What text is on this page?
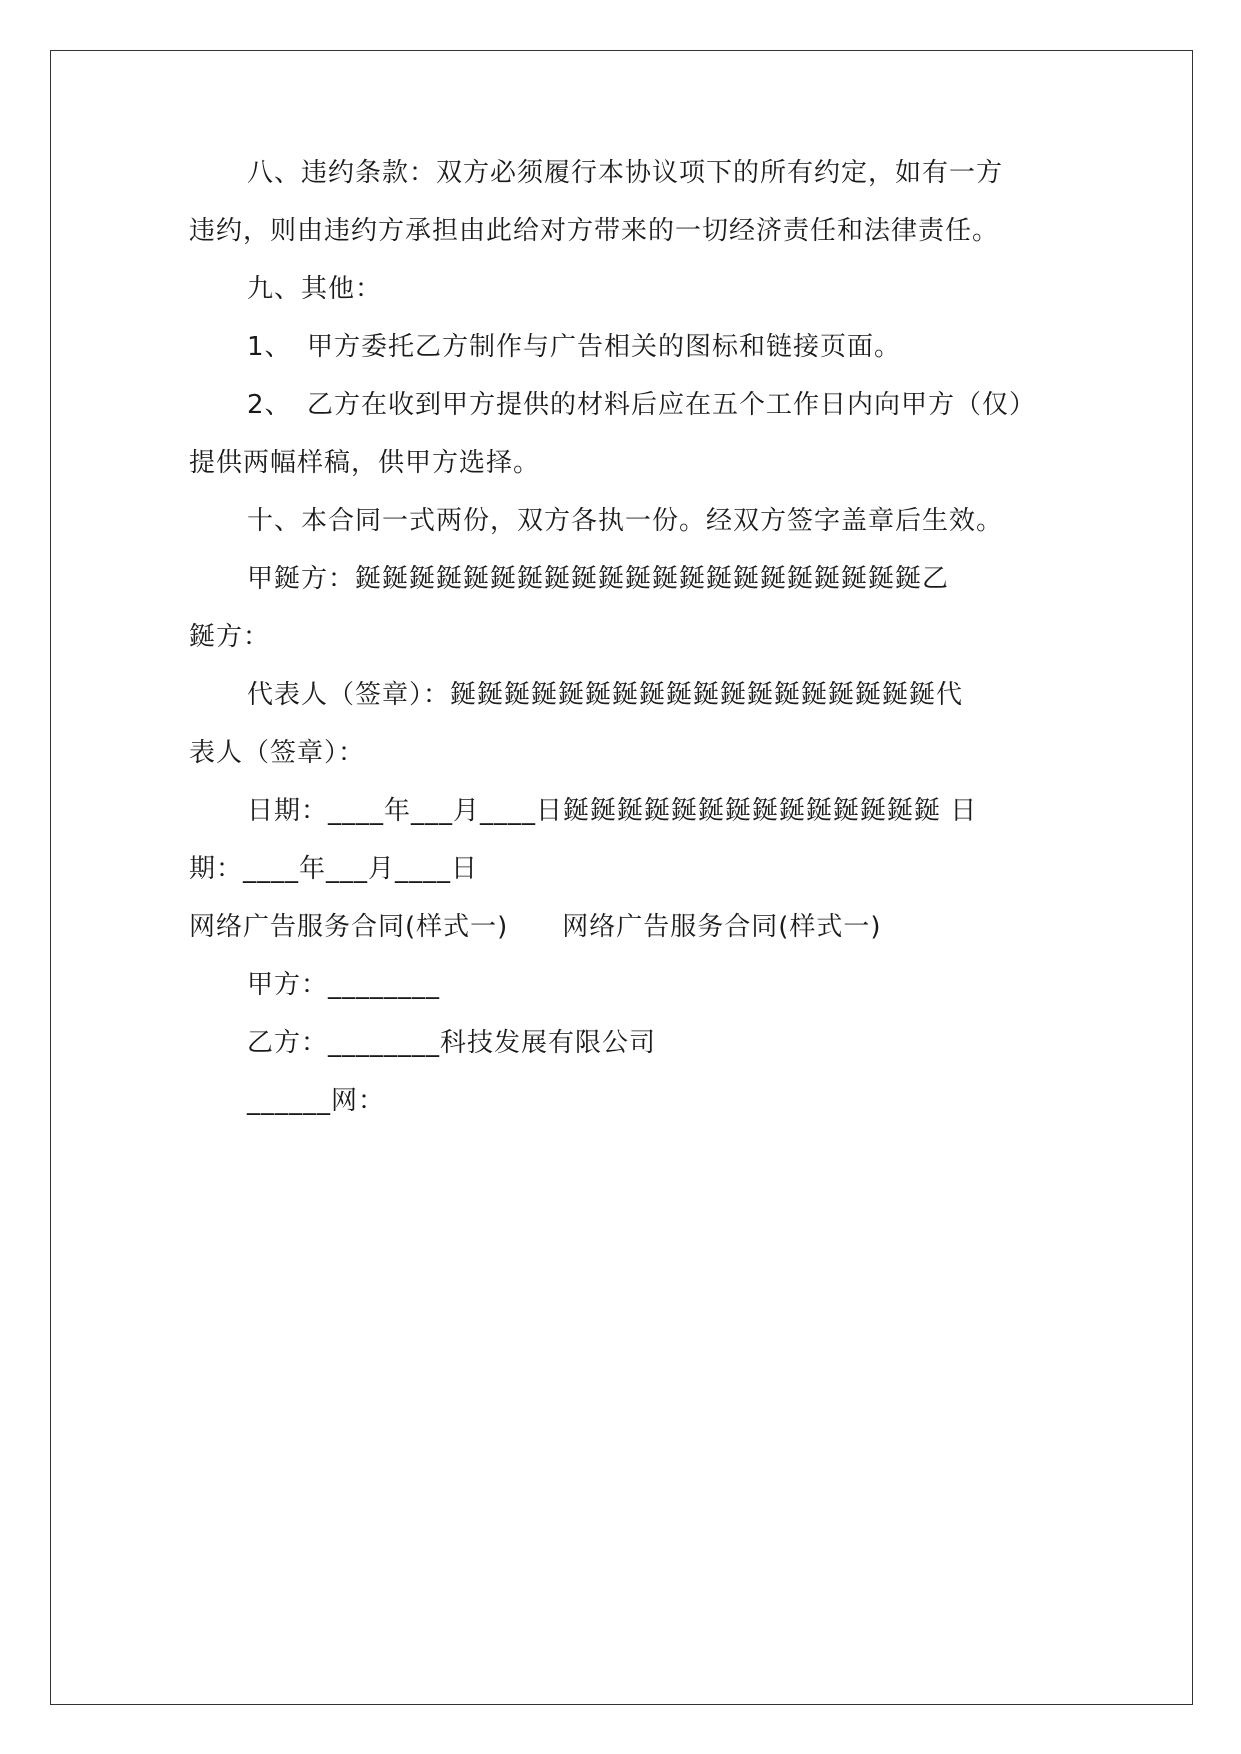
八、违约条款：双方必须履行本协议项下的所有约定，如有一方
违约，则由违约方承担由此给对方带来的一切经济责任和法律责任。
九、其他：
1、 甲方委托乙方制作与广告相关的图标和链接页面。
2、 乙方在收到甲方提供的材料后应在五个工作日内向甲方（仅）
提供两幅样稿，供甲方选择。
十、本合同一式两份，双方各执一份。经双方签字盖章后生效。
甲鋋方：鋋鋋鋋鋋鋋鋋鋋鋋鋋鋋鋋鋋鋋鋋鋋鋋鋋鋋鋋鋋鋋乙
鋋方：
代表人（签章）：鋋鋋鋋鋋鋋鋋鋋鋋鋋鋋鋋鋋鋋鋋鋋鋋鋋鋋代
表人（签章）：
日期：____年___月____日鋋鋋鋋鋋鋋鋋鋋鋋鋋鋋鋋鋋鋋鋋 日
期：____年___月____日
网络广告服务合同(样式一)　　网络广告服务合同(样式一)
甲方：________
乙方：________科技发展有限公司
______网：
